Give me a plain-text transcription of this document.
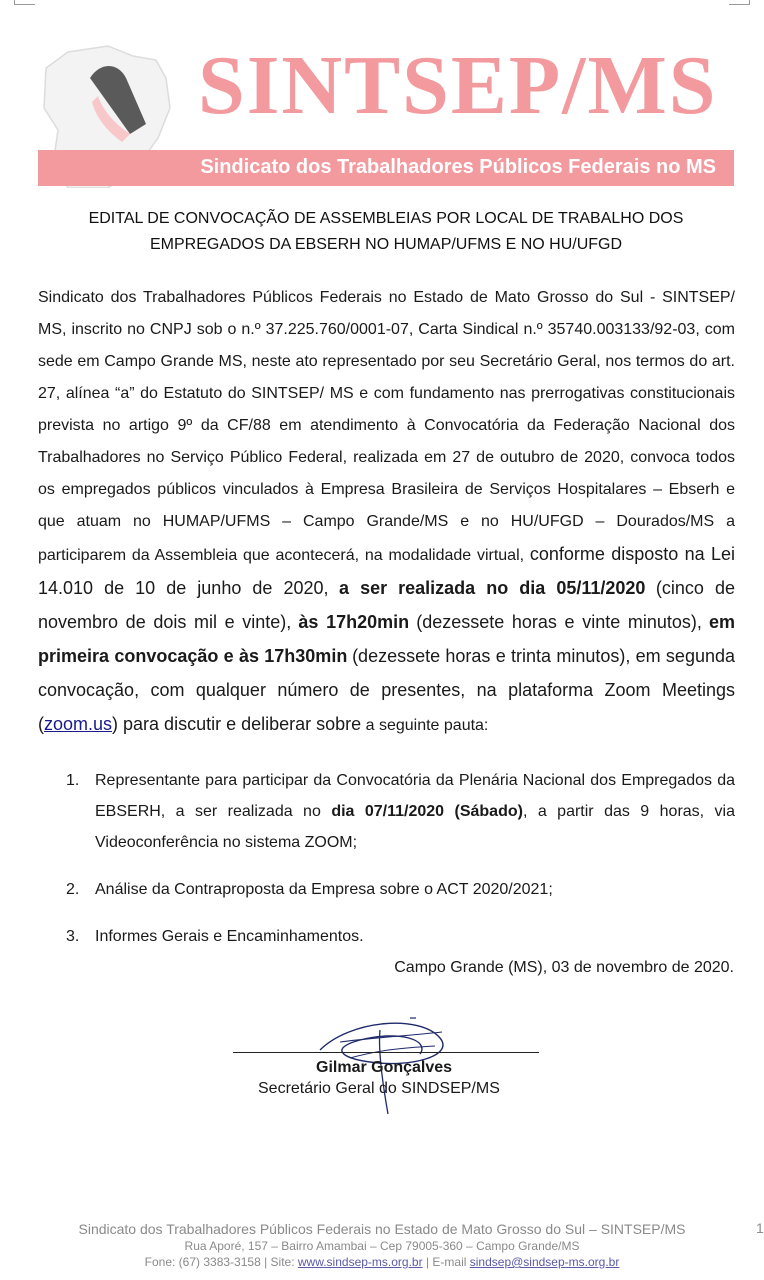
SINTSEP/MS
Sindicato dos Trabalhadores Públicos Federais no MS
EDITAL DE CONVOCAÇÃO DE ASSEMBLEIAS POR LOCAL DE TRABALHO DOS
EMPREGADOS DA EBSERH NO HUMAP/UFMS E NO HU/UFGD
Sindicato dos Trabalhadores Públicos Federais no Estado de Mato Grosso do Sul - SINTSEP/ MS, inscrito no CNPJ sob o n.º 37.225.760/0001-07, Carta Sindical n.º 35740.003133/92-03, com sede em Campo Grande MS, neste ato representado por seu Secretário Geral, nos termos do art. 27, alínea “a” do Estatuto do SINTSEP/ MS e com fundamento nas prerrogativas constitucionais prevista no artigo 9º da CF/88 em atendimento à Convocatória da Federação Nacional dos Trabalhadores no Serviço Público Federal, realizada em 27 de outubro de 2020, convoca todos os empregados públicos vinculados à Empresa Brasileira de Serviços Hospitalares – Ebserh e que atuam no HUMAP/UFMS – Campo Grande/MS e no HU/UFGD – Dourados/MS a participarem da Assembleia que acontecerá, na modalidade virtual, conforme disposto na Lei 14.010 de 10 de junho de 2020, a ser realizada no dia 05/11/2020 (cinco de novembro de dois mil e vinte), às 17h20min (dezessete horas e vinte minutos), em primeira convocação e às 17h30min (dezessete horas e trinta minutos), em segunda convocação, com qualquer número de presentes, na plataforma Zoom Meetings (zoom.us) para discutir e deliberar sobre a seguinte pauta:
1. Representante para participar da Convocatória da Plenária Nacional dos Empregados da EBSERH, a ser realizada no dia 07/11/2020 (Sábado), a partir das 9 horas, via Videoconferência no sistema ZOOM;
2. Análise da Contraproposta da Empresa sobre o ACT 2020/2021;
3. Informes Gerais e Encaminhamentos.
Campo Grande (MS), 03 de novembro de 2020.
Gilmar Gonçalves
Secretário Geral do SINDSEP/MS
Sindicato dos Trabalhadores Públicos Federais no Estado de Mato Grosso do Sul – SINTSEP/MS
Rua Aporé, 157 – Bairro Amambai – Cep 79005-360 – Campo Grande/MS
Fone: (67) 3383-3158 | Site: www.sindsep-ms.org.br | E-mail sindsep@sindsep-ms.org.br
1
